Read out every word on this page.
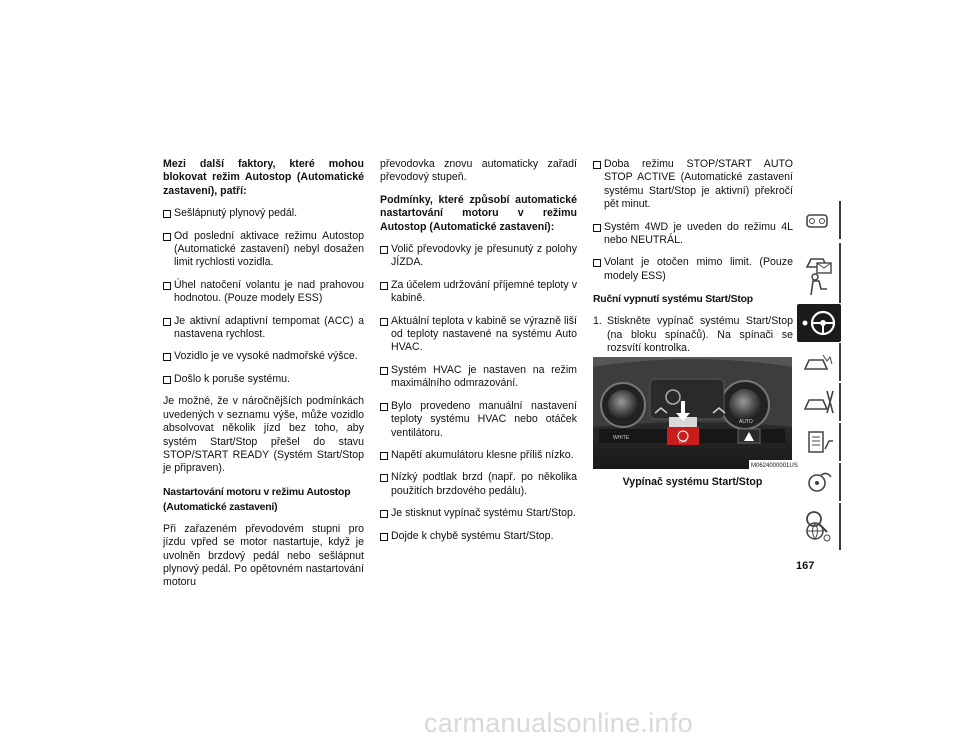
Mezi další faktory, které mohou blokovat režim Autostop (Automatické zastavení), patří:

Sešlápnutý plynový pedál.
Od poslední aktivace režimu Autostop (Automatické zastavení) nebyl dosažen limit rychlosti vozidla.
Úhel natočení volantu je nad prahovou hodnotou. (Pouze modely ESS)
Je aktivní adaptivní tempomat (ACC) a nastavena rychlost.
Vozidlo je ve vysoké nadmořské výšce.
Došlo k poruše systému.

Je možné, že v náročnějších podmínkách uvedených v seznamu výše, může vozidlo absolvovat několik jízd bez toho, aby systém Start/Stop přešel do stavu STOP/START READY (Systém Start/Stop je připraven).

Nastartování motoru v režimu Autostop (Automatické zastavení)

Při zařazeném převodovém stupni pro jízdu vpřed se motor nastartuje, když je uvolněn brzdový pedál nebo sešlápnut plynový pedál. Po opětovném nastartování motoru

převodovka znovu automaticky zařadí převodový stupeň.

Podmínky, které způsobí automatické nastartování motoru v režimu Autostop (Automatické zastavení):

Volič převodovky je přesunutý z polohy JÍZDA.
Za účelem udržování příjemné teploty v kabině.
Aktuální teplota v kabině se výrazně liší od teploty nastavené na systému Auto HVAC.
Systém HVAC je nastaven na režim maximálního odmrazování.
Bylo provedeno manuální nastavení teploty systému HVAC nebo otáček ventilátoru.
Napětí akumulátoru klesne příliš nízko.
Nízký podtlak brzd (např. po několika použitích brzdového pedálu).
Je stisknut vypínač systému Start/Stop.
Dojde k chybě systému Start/Stop.
Doba režimu STOP/START AUTO STOP ACTIVE (Automatické zastavení systému Start/Stop je aktivní) překročí pět minut.
Systém 4WD je uveden do režimu 4L nebo NEUTRÁL.
Volant je otočen mimo limit. (Pouze modely ESS)
Ruční vypnutí systému Start/Stop
1. Stiskněte vypínač systému Start/Stop (na bloku spínačů). Na spínači se rozsvítí kontrolka.
WHITE
AUTO
OFF
M0624000001US
Vypínač systému Start/Stop
167
carmanualsonline.info
